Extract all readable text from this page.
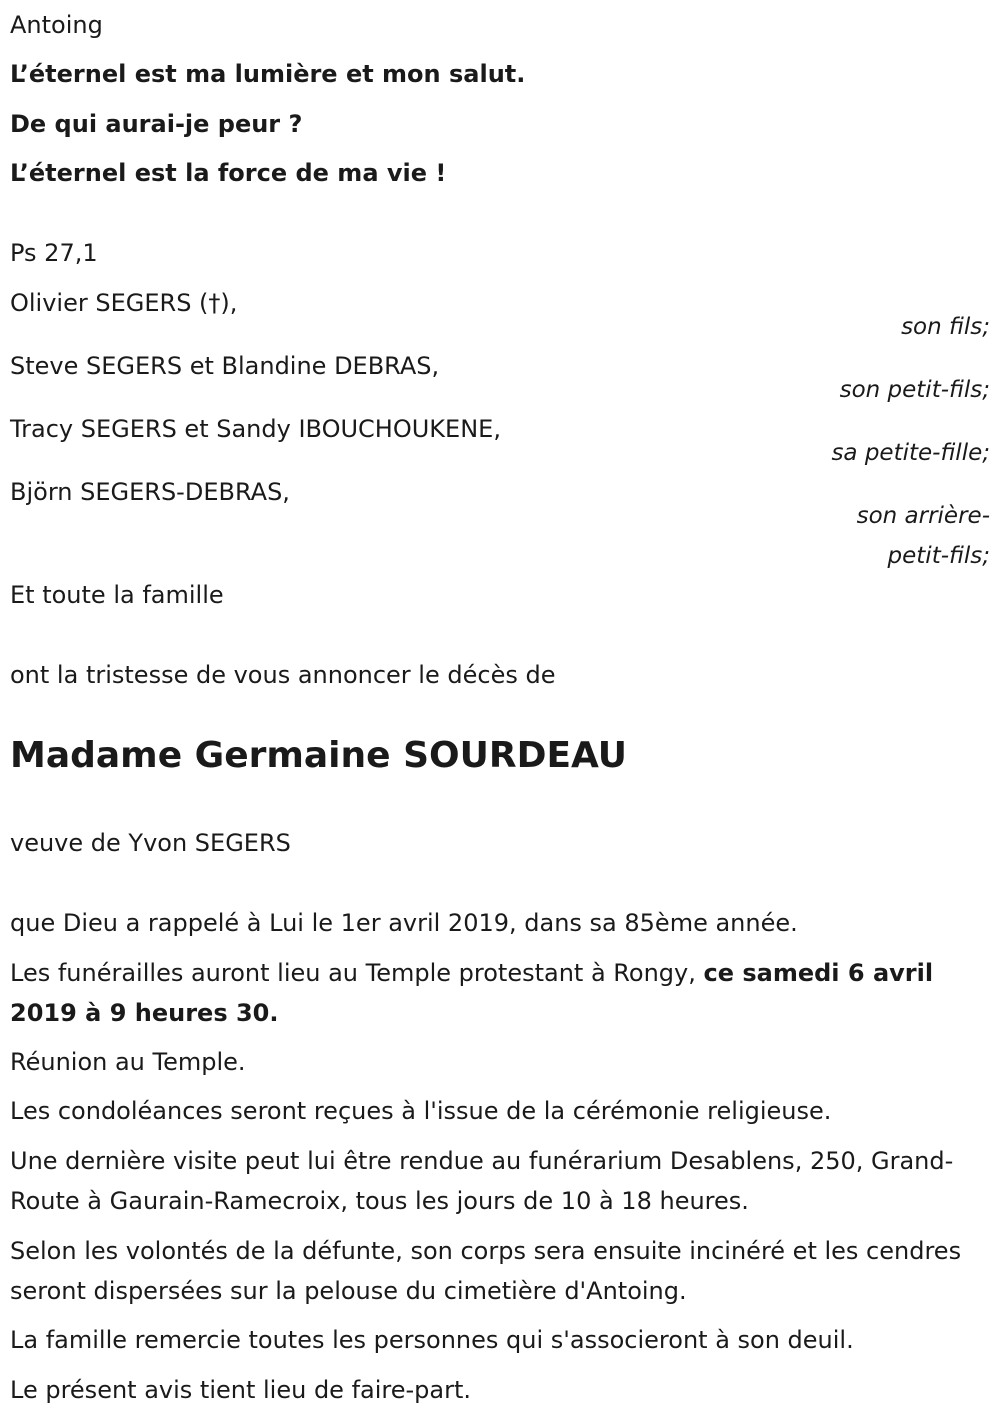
Antoing

L’éternel est ma lumière et mon salut.

De qui aurai-je peur ?

L’éternel est la force de ma vie !

Ps 27,1

Olivier SEGERS (†),

son fils;

Steve SEGERS et Blandine DEBRAS,

son petit-fils;

Tracy SEGERS et Sandy IBOUCHOUKENE,

sa petite-fille;

Björn SEGERS-DEBRAS,

son arrière-
petit-fils;

Et toute la famille

ont la tristesse de vous annoncer le décès de

Madame Germaine SOURDEAU

veuve de Yvon SEGERS

que Dieu a rappelé à Lui le 1er avril 2019, dans sa 85ème année.

Les funérailles auront lieu au Temple protestant à Rongy, ce samedi 6 avril 2019 à 9 heures 30.

Réunion au Temple.

Les condoléances seront reçues à l'issue de la cérémonie religieuse.

Une dernière visite peut lui être rendue au funérarium Desablens, 250, Grand-Route à Gaurain-Ramecroix, tous les jours de 10 à 18 heures.

Selon les volontés de la défunte, son corps sera ensuite incinéré et les cendres seront dispersées sur la pelouse du cimetière d'Antoing.

La famille remercie toutes les personnes qui s'associeront à son deuil.

Le présent avis tient lieu de faire-part.
